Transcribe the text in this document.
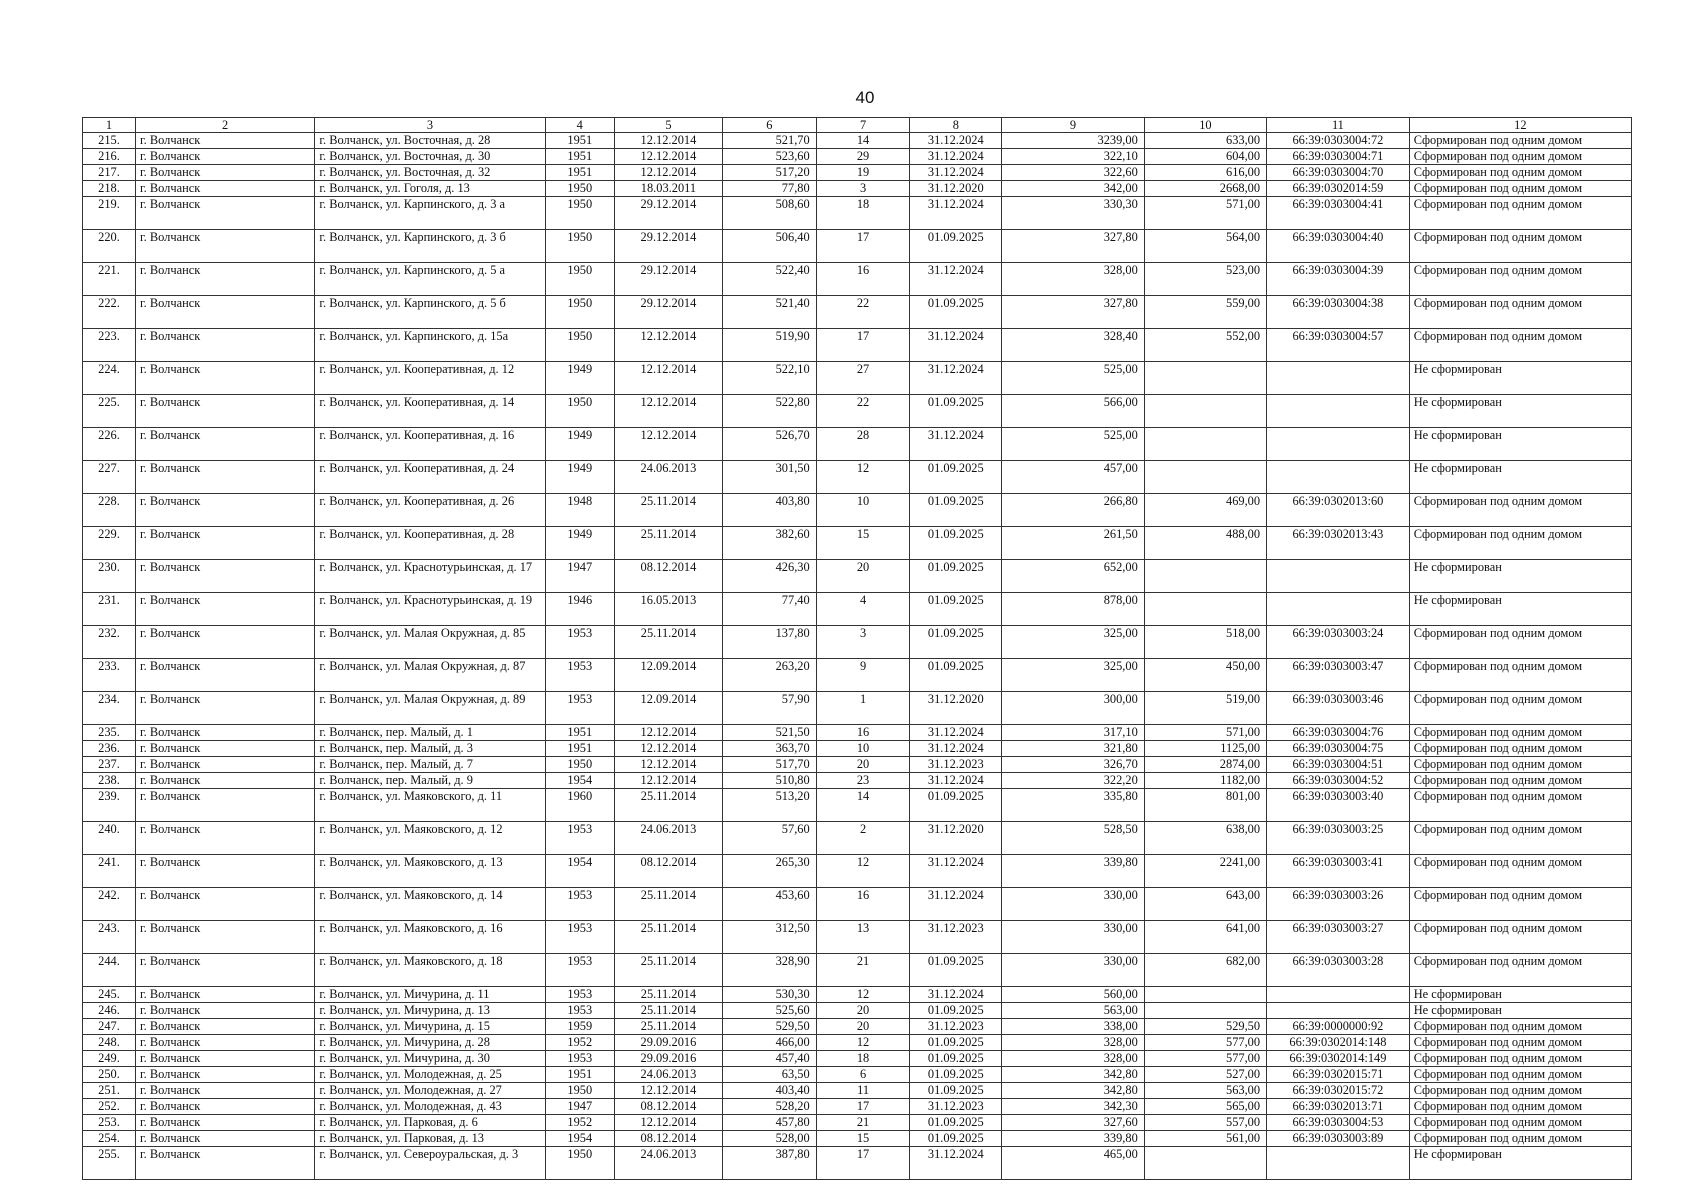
40
1	2	3	4	5	6	7	8	9	10	11	12
215.	г. Волчанск	г. Волчанск, ул. Восточная, д. 28	1951	12.12.2014	521,70	14	31.12.2024	3239,00	633,00	66:39:0303004:72	Сформирован под одним домом
216.	г. Волчанск	г. Волчанск, ул. Восточная, д. 30	1951	12.12.2014	523,60	29	31.12.2024	322,10	604,00	66:39:0303004:71	Сформирован под одним домом
217.	г. Волчанск	г. Волчанск, ул. Восточная, д. 32	1951	12.12.2014	517,20	19	31.12.2024	322,60	616,00	66:39:0303004:70	Сформирован под одним домом
218.	г. Волчанск	г. Волчанск, ул. Гоголя, д. 13	1950	18.03.2011	77,80	3	31.12.2020	342,00	2668,00	66:39:0302014:59	Сформирован под одним домом
219.	г. Волчанск	г. Волчанск, ул. Карпинского, д. 3 а	1950	29.12.2014	508,60	18	31.12.2024	330,30	571,00	66:39:0303004:41	Сформирован под одним домом
220.	г. Волчанск	г. Волчанск, ул. Карпинского, д. 3 б	1950	29.12.2014	506,40	17	01.09.2025	327,80	564,00	66:39:0303004:40	Сформирован под одним домом
221.	г. Волчанск	г. Волчанск, ул. Карпинского, д. 5 а	1950	29.12.2014	522,40	16	31.12.2024	328,00	523,00	66:39:0303004:39	Сформирован под одним домом
222.	г. Волчанск	г. Волчанск, ул. Карпинского, д. 5 б	1950	29.12.2014	521,40	22	01.09.2025	327,80	559,00	66:39:0303004:38	Сформирован под одним домом
223.	г. Волчанск	г. Волчанск, ул. Карпинского, д. 15а	1950	12.12.2014	519,90	17	31.12.2024	328,40	552,00	66:39:0303004:57	Сформирован под одним домом
224.	г. Волчанск	г. Волчанск, ул. Кооперативная, д. 12	1949	12.12.2014	522,10	27	31.12.2024	525,00			Не сформирован
225.	г. Волчанск	г. Волчанск, ул. Кооперативная, д. 14	1950	12.12.2014	522,80	22	01.09.2025	566,00			Не сформирован
226.	г. Волчанск	г. Волчанск, ул. Кооперативная, д. 16	1949	12.12.2014	526,70	28	31.12.2024	525,00			Не сформирован
227.	г. Волчанск	г. Волчанск, ул. Кооперативная, д. 24	1949	24.06.2013	301,50	12	01.09.2025	457,00			Не сформирован
228.	г. Волчанск	г. Волчанск, ул. Кооперативная, д. 26	1948	25.11.2014	403,80	10	01.09.2025	266,80	469,00	66:39:0302013:60	Сформирован под одним домом
229.	г. Волчанск	г. Волчанск, ул. Кооперативная, д. 28	1949	25.11.2014	382,60	15	01.09.2025	261,50	488,00	66:39:0302013:43	Сформирован под одним домом
230.	г. Волчанск	г. Волчанск, ул. Краснотурьинская, д. 17	1947	08.12.2014	426,30	20	01.09.2025	652,00			Не сформирован
231.	г. Волчанск	г. Волчанск, ул. Краснотурьинская, д. 19	1946	16.05.2013	77,40	4	01.09.2025	878,00			Не сформирован
232.	г. Волчанск	г. Волчанск, ул. Малая Окружная, д. 85	1953	25.11.2014	137,80	3	01.09.2025	325,00	518,00	66:39:0303003:24	Сформирован под одним домом
233.	г. Волчанск	г. Волчанск, ул. Малая Окружная, д. 87	1953	12.09.2014	263,20	9	01.09.2025	325,00	450,00	66:39:0303003:47	Сформирован под одним домом
234.	г. Волчанск	г. Волчанск, ул. Малая Окружная, д. 89	1953	12.09.2014	57,90	1	31.12.2020	300,00	519,00	66:39:0303003:46	Сформирован под одним домом
235.	г. Волчанск	г. Волчанск, пер. Малый, д. 1	1951	12.12.2014	521,50	16	31.12.2024	317,10	571,00	66:39:0303004:76	Сформирован под одним домом
236.	г. Волчанск	г. Волчанск, пер. Малый, д. 3	1951	12.12.2014	363,70	10	31.12.2024	321,80	1125,00	66:39:0303004:75	Сформирован под одним домом
237.	г. Волчанск	г. Волчанск, пер. Малый, д. 7	1950	12.12.2014	517,70	20	31.12.2023	326,70	2874,00	66:39:0303004:51	Сформирован под одним домом
238.	г. Волчанск	г. Волчанск, пер. Малый, д. 9	1954	12.12.2014	510,80	23	31.12.2024	322,20	1182,00	66:39:0303004:52	Сформирован под одним домом
239.	г. Волчанск	г. Волчанск, ул. Маяковского, д. 11	1960	25.11.2014	513,20	14	01.09.2025	335,80	801,00	66:39:0303003:40	Сформирован под одним домом
240.	г. Волчанск	г. Волчанск, ул. Маяковского, д. 12	1953	24.06.2013	57,60	2	31.12.2020	528,50	638,00	66:39:0303003:25	Сформирован под одним домом
241.	г. Волчанск	г. Волчанск, ул. Маяковского, д. 13	1954	08.12.2014	265,30	12	31.12.2024	339,80	2241,00	66:39:0303003:41	Сформирован под одним домом
242.	г. Волчанск	г. Волчанск, ул. Маяковского, д. 14	1953	25.11.2014	453,60	16	31.12.2024	330,00	643,00	66:39:0303003:26	Сформирован под одним домом
243.	г. Волчанск	г. Волчанск, ул. Маяковского, д. 16	1953	25.11.2014	312,50	13	31.12.2023	330,00	641,00	66:39:0303003:27	Сформирован под одним домом
244.	г. Волчанск	г. Волчанск, ул. Маяковского, д. 18	1953	25.11.2014	328,90	21	01.09.2025	330,00	682,00	66:39:0303003:28	Сформирован под одним домом
245.	г. Волчанск	г. Волчанск, ул. Мичурина, д. 11	1953	25.11.2014	530,30	12	31.12.2024	560,00			Не сформирован
246.	г. Волчанск	г. Волчанск, ул. Мичурина, д. 13	1953	25.11.2014	525,60	20	01.09.2025	563,00			Не сформирован
247.	г. Волчанск	г. Волчанск, ул. Мичурина, д. 15	1959	25.11.2014	529,50	20	31.12.2023	338,00	529,50	66:39:0000000:92	Сформирован под одним домом
248.	г. Волчанск	г. Волчанск, ул. Мичурина, д. 28	1952	29.09.2016	466,00	12	01.09.2025	328,00	577,00	66:39:0302014:148	Сформирован под одним домом
249.	г. Волчанск	г. Волчанск, ул. Мичурина, д. 30	1953	29.09.2016	457,40	18	01.09.2025	328,00	577,00	66:39:0302014:149	Сформирован под одним домом
250.	г. Волчанск	г. Волчанск, ул. Молодежная, д. 25	1951	24.06.2013	63,50	6	01.09.2025	342,80	527,00	66:39:0302015:71	Сформирован под одним домом
251.	г. Волчанск	г. Волчанск, ул. Молодежная, д. 27	1950	12.12.2014	403,40	11	01.09.2025	342,80	563,00	66:39:0302015:72	Сформирован под одним домом
252.	г. Волчанск	г. Волчанск, ул. Молодежная, д. 43	1947	08.12.2014	528,20	17	31.12.2023	342,30	565,00	66:39:0302013:71	Сформирован под одним домом
253.	г. Волчанск	г. Волчанск, ул. Парковая, д. 6	1952	12.12.2014	457,80	21	01.09.2025	327,60	557,00	66:39:0303004:53	Сформирован под одним домом
254.	г. Волчанск	г. Волчанск, ул. Парковая, д. 13	1954	08.12.2014	528,00	15	01.09.2025	339,80	561,00	66:39:0303003:89	Сформирован под одним домом
255.	г. Волчанск	г. Волчанск, ул. Североуральская, д. 3	1950	24.06.2013	387,80	17	31.12.2024	465,00			Не сформирован
